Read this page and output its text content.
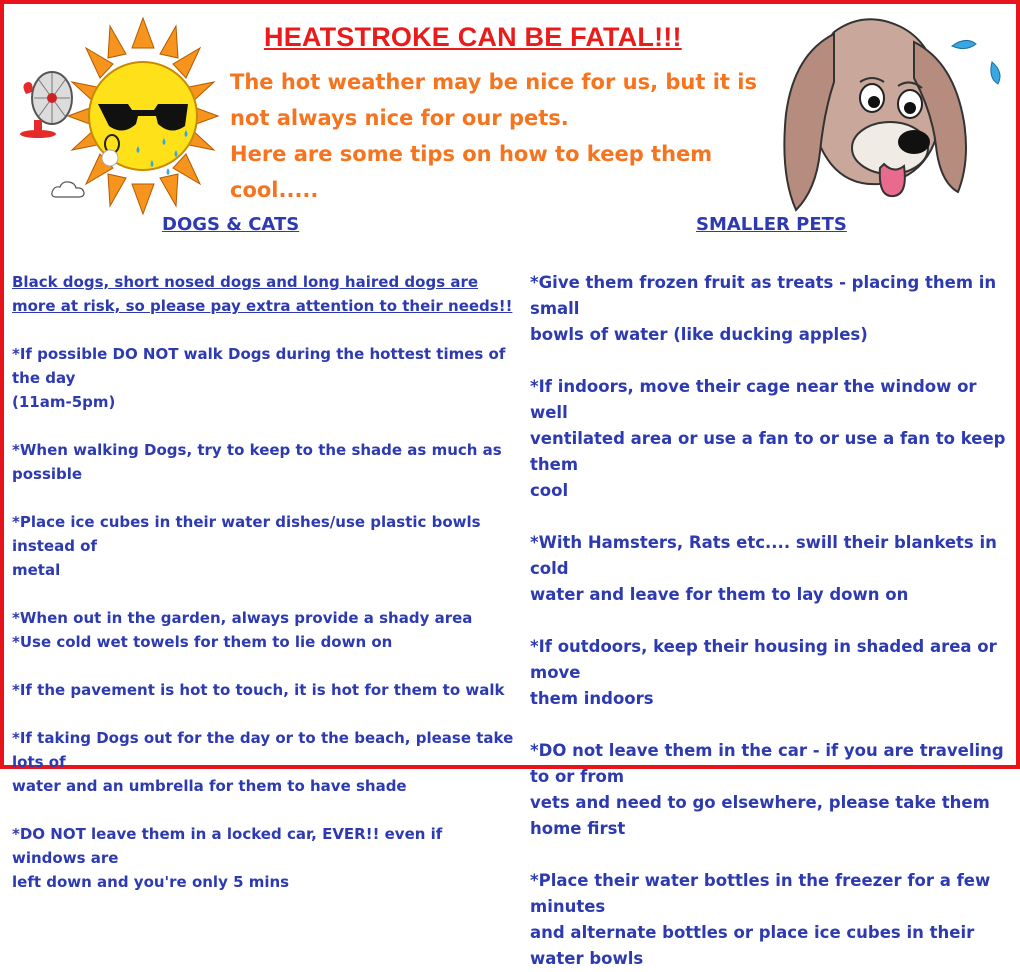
HEATSTROKE CAN BE FATAL!!!
The hot weather may be nice for us, but it is
not always nice for our pets.
Here are some tips on how to keep them
cool.....
DOGS & CATS	SMALLER PETS

Black dogs, short nosed dogs and long haired dogs are

more at risk, so please pay extra attention to their needs!!

*If possible DO NOT walk Dogs during the hottest times of the day

(11am-5pm)

*When walking Dogs, try to keep to the shade as much as possible

*Place ice cubes in their water dishes/use plastic bowls instead of

metal

*When out in the garden, always provide a shady area

*Use cold wet towels for them to lie down on

*If the pavement is hot to touch, it is hot for them to walk

*If taking Dogs out for the day or to the beach, please take lots of

water and an umbrella for them to have shade

*DO NOT leave them in a locked car, EVER!! even if windows are

left down and you're only 5 mins

*Give them frozen fruit as treats - placing them in small

bowls of water (like ducking apples)

*If indoors, move their cage near the window or well

ventilated area or use a fan to or use a fan to keep them

cool

*With Hamsters, Rats etc.... swill their blankets in cold

water and leave for them to lay down on

*If outdoors, keep their housing in shaded area or move

them indoors

*DO not leave them in the car - if you are traveling to or from

vets and need to go elsewhere, please take them home first

*Place their water bottles in the freezer for a few minutes

and alternate bottles or place ice cubes in their water bowls
